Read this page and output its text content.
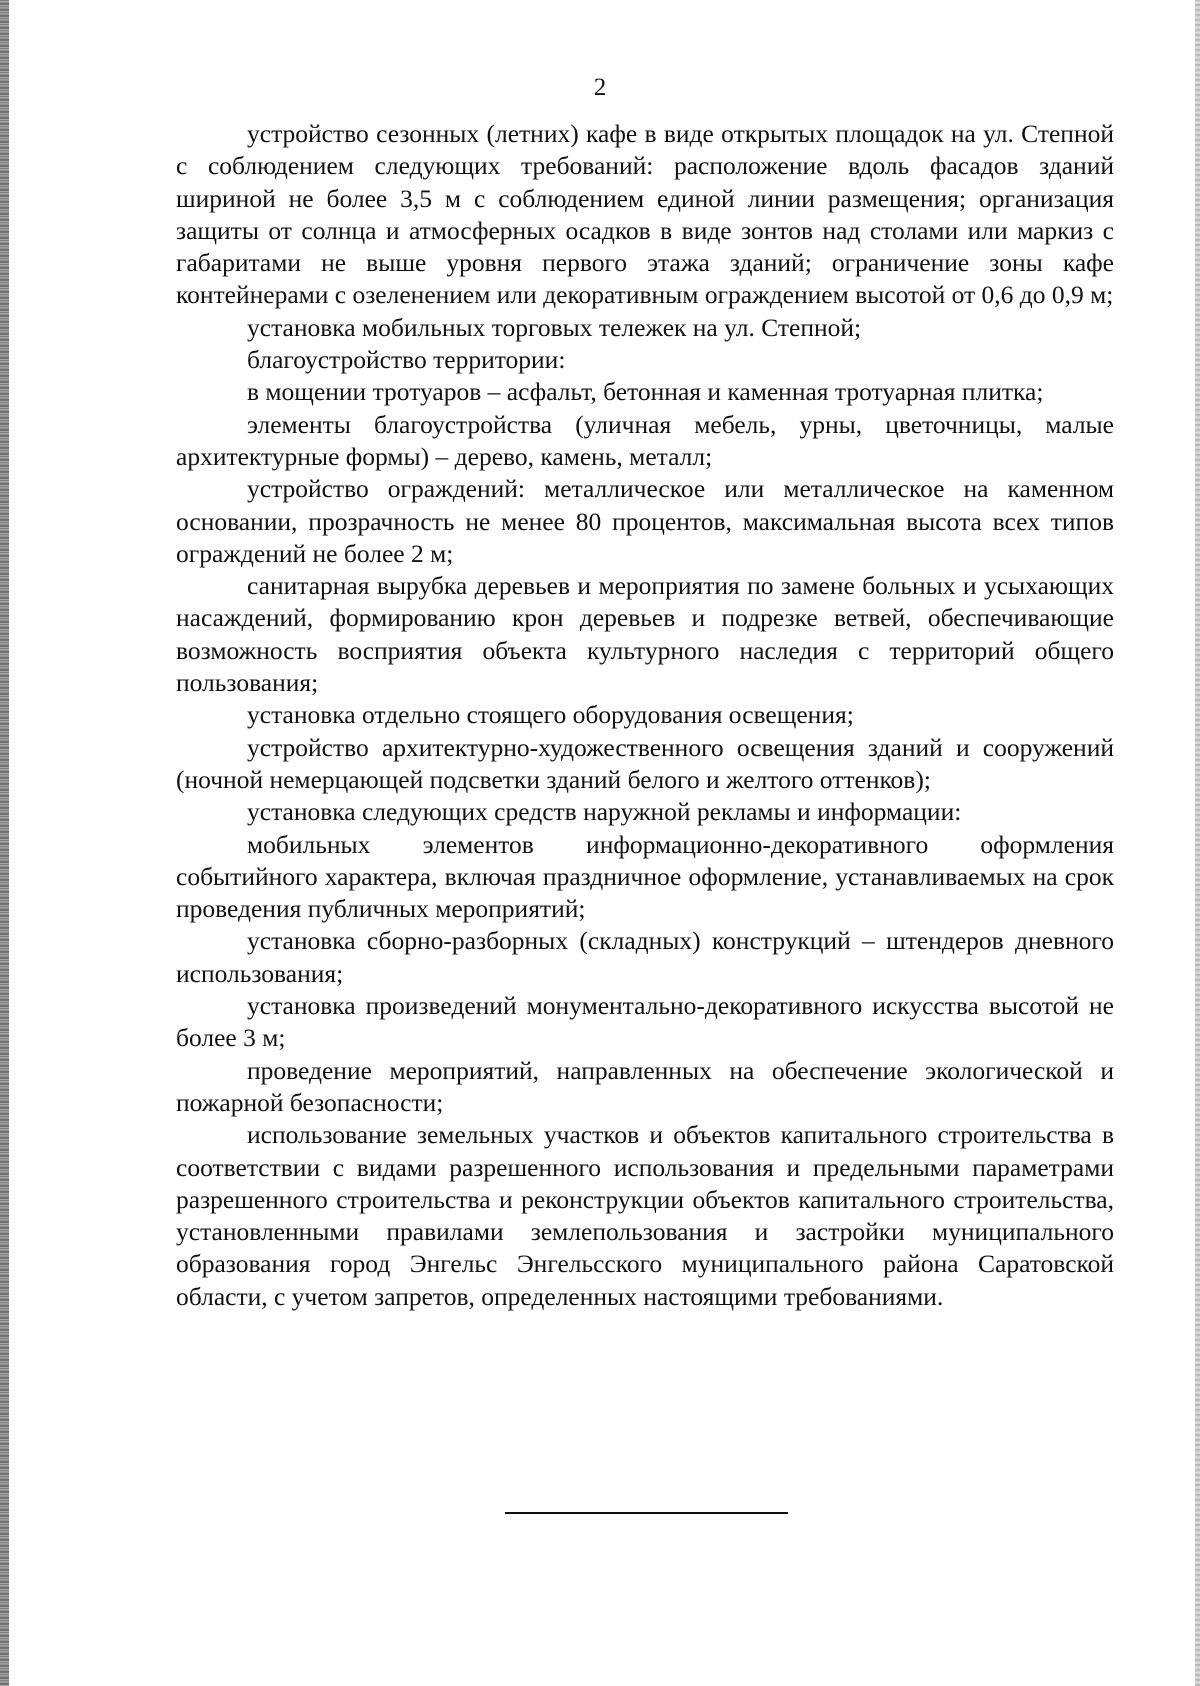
2

устройство сезонных (летних) кафе в виде открытых площадок на ул. Степной с соблюдением следующих требований: расположение вдоль фасадов зданий шириной не более 3,5 м с соблюдением единой линии размещения; организация защиты от солнца и атмосферных осадков в виде зонтов над столами или маркиз с габаритами не выше уровня первого этажа зданий; ограничение зоны кафе контейнерами с озеленением или декоративным ограждением высотой от 0,6 до 0,9 м;

установка мобильных торговых тележек на ул. Степной;

благоустройство территории:

в мощении тротуаров – асфальт, бетонная и каменная тротуарная плитка;

элементы благоустройства (уличная мебель, урны, цветочницы, малые архитектурные формы) – дерево, камень, металл;

устройство ограждений: металлическое или металлическое на каменном основании, прозрачность не менее 80 процентов, максимальная высота всех типов ограждений не более 2 м;

санитарная вырубка деревьев и мероприятия по замене больных и усыхающих насаждений, формированию крон деревьев и подрезке ветвей, обеспечивающие возможность восприятия объекта культурного наследия с территорий общего пользования;

установка отдельно стоящего оборудования освещения;

устройство архитектурно-художественного освещения зданий и сооружений (ночной немерцающей подсветки зданий белого и желтого оттенков);

установка следующих средств наружной рекламы и информации:

мобильных элементов информационно-декоративного оформления событийного характера, включая праздничное оформление, устанавливаемых на срок проведения публичных мероприятий;

установка сборно-разборных (складных) конструкций – штендеров дневного использования;

установка произведений монументально-декоративного искусства высотой не более 3 м;

проведение мероприятий, направленных на обеспечение экологической и пожарной безопасности;

использование земельных участков и объектов капитального строительства в соответствии с видами разрешенного использования и предельными параметрами разрешенного строительства и реконструкции объектов капитального строительства, установленными правилами землепользования и застройки муниципального образования город Энгельс Энгельсского муниципального района Саратовской области, с учетом запретов, определенных настоящими требованиями.
